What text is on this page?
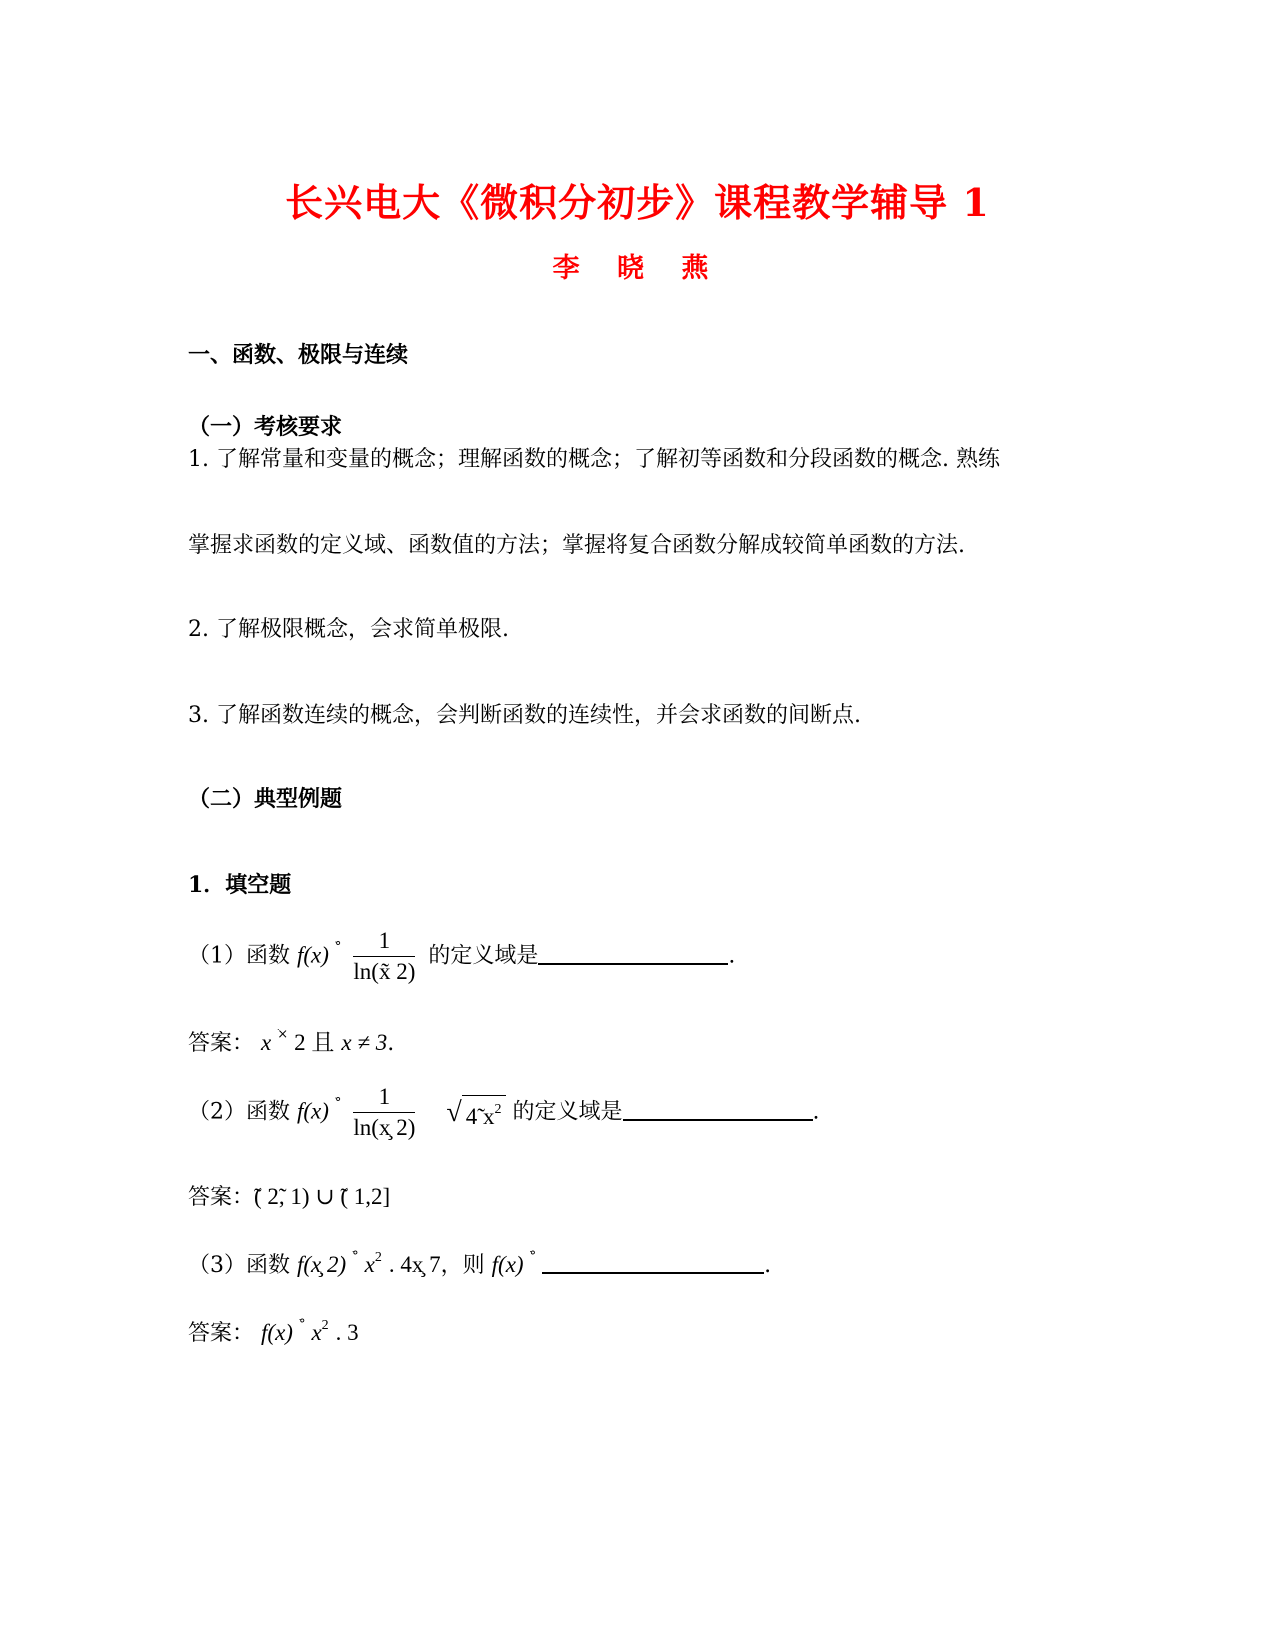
长兴电大《微积分初步》课程教学辅导 1
李 晓 燕
一、函数、极限与连续
（一）考核要求
1. 了解常量和变量的概念；理解函数的概念；了解初等函数和分段函数的概念. 熟练
掌握求函数的定义域、函数值的方法；掌握将复合函数分解成较简单函数的方法.
2. 了解极限概念，会求简单极限.
3. 了解函数连续的概念，会判断函数的连续性，并会求函数的间断点.
（二）典型例题
1．填空题
（1）函数 f(x) $^{ׂ^\circ} \frac{1}{\ln(x̃ 2)}$ 的定义域是	.
答案： x ׂ× 2 且 x ≠ 3.
（2）函数 f(x) $^{ׂ^\circ} \frac{1}{\ln(x̧ 2)}$ √ 4̃ $x^2$ 的定义域是	.
答案：̃( 2̃, 1) ∪ ̃( 1,2]
（3）函数 f(x̧ 2) ׂ° $x^2$ . 4x̧ 7，则 f(x) ׂ°	.
答案： f(x) ׂ° $x^2$ . 3
